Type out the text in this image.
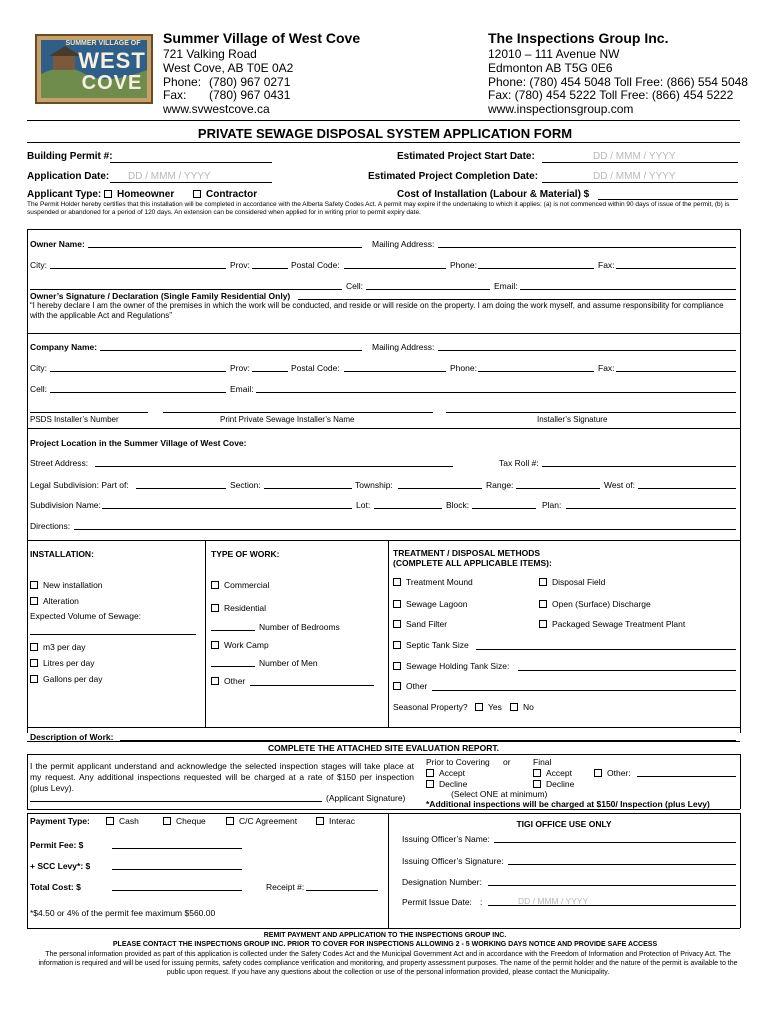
SUMMER VILLAGE OF
WEST
COVE
Summer Village of West Cove
721 Valking Road
West Cove, AB T0E 0A2
Phone: (780) 967 0271
Fax: (780) 967 0431
www.svwestcove.ca
The Inspections Group Inc.
12010 – 111 Avenue NW
Edmonton AB T5G 0E6
Phone: (780) 454 5048 Toll Free: (866) 554 5048
Fax: (780) 454 5222 Toll Free: (866) 454 5222
www.inspectionsgroup.com
PRIVATE SEWAGE DISPOSAL SYSTEM APPLICATION FORM
Building Permit #:	Estimated Project Start Date:	DD / MMM / YYYY
Application Date: DD / MMM / YYYY	Estimated Project Completion Date:	DD / MMM / YYYY
Applicant Type:	Homeowner	Contractor	Cost of Installation (Labour & Material) $
The Permit Holder hereby certifies that this installation will be completed in accordance with the Alberta Safety Codes Act. A permit may expire if the undertaking to which it applies: (a) is not commenced within 90 days of issue of the permit, (b) is suspended or abandoned for a period of 120 days. An extension can be considered when applied for in writing prior to permit expiry date.
Owner Name:	Mailing Address:
City:	Prov:	Postal Code:	Phone:	Fax:
Cell:	Email:
Owner’s Signature / Declaration (Single Family Residential Only)
“I hereby declare I am the owner of the premises in which the work will be conducted, and reside or will reside on the property. I am doing the work myself, and assume responsibility for compliance with the applicable Act and Regulations”
Company Name:	Mailing Address:
City:	Prov:	Postal Code:	Phone:	Fax:
Cell:	Email:
PSDS Installer’s Number	Print Private Sewage Installer’s Name	Installer’s Signature
Project Location in the Summer Village of West Cove:
Street Address:	Tax Roll #:
Legal Subdivision: Part of:	Section:	Township:	Range:	West of:
Subdivision Name:	Lot:	Block:	Plan:
Directions:
INSTALLATION:
New installation
Alteration
Expected Volume of Sewage:
m3 per day
Litres per day
Gallons per day
TYPE OF WORK:
Commercial
Residential
Number of Bedrooms
Work Camp
Number of Men
Other
TREATMENT / DISPOSAL METHODS
(COMPLETE ALL APPLICABLE ITEMS):
Treatment Mound	Disposal Field
Sewage Lagoon	Open (Surface) Discharge
Sand Filter	Packaged Sewage Treatment Plant
Septic Tank Size
Sewage Holding Tank Size:
Other
Seasonal Property?	Yes	No
Description of Work:
COMPLETE THE ATTACHED SITE EVALUATION REPORT.
I the permit applicant understand and acknowledge the selected inspection stages will take place at my request. Any additional inspections requested will be charged at a rate of $150 per inspection (plus Levy).
(Applicant Signature)
Prior to Covering or	Final
Accept	Accept	Other:
Decline	Decline
(Select ONE at minimum)
*Additional inspections will be charged at $150/ Inspection (plus Levy)
Payment Type:	Cash	Cheque	C/C Agreement	Interac
Permit Fee: $
+ SCC Levy*: $
Total Cost: $	Receipt #:
*$4.50 or 4% of the permit fee maximum $560.00
TIGI OFFICE USE ONLY
Issuing Officer’s Name:
Issuing Officer’s Signature:
Designation Number:
Permit Issue Date: :	DD / MMM / YYYY
REMIT PAYMENT AND APPLICATION TO THE INSPECTIONS GROUP INC.
PLEASE CONTACT THE INSPECTIONS GROUP INC. PRIOR TO COVER FOR INSPECTIONS ALLOWING 2 - 5 WORKING DAYS NOTICE AND PROVIDE SAFE ACCESS
The personal information provided as part of this application is collected under the Safety Codes Act and the Municipal Government Act and in accordance with the Freedom of Information and Protection of Privacy Act. The information is required and will be used for issuing permits, safety codes compliance verification and monitoring, and property assessment purposes. The name of the permit holder and the nature of the permit is available to the public upon request. If you have any questions about the collection or use of the personal information provided, please contact the Municipality.
